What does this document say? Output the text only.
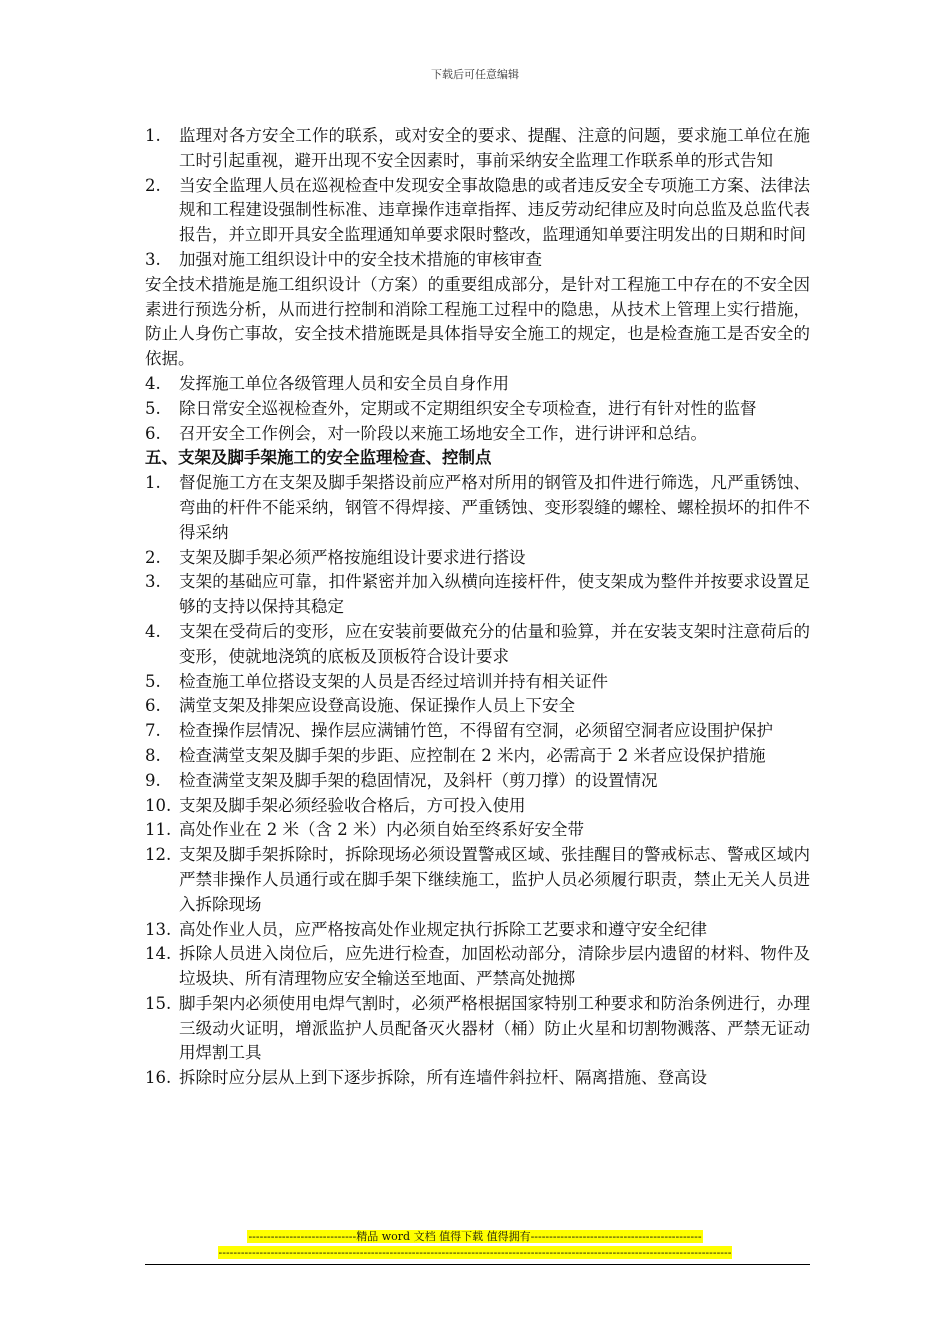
下载后可任意编辑
1.	监理对各方安全工作的联系，或对安全的要求、提醒、注意的问题，要求施工单位在施工时引起重视，避开出现不安全因素时，事前采纳安全监理工作联系单的形式告知
2.	当安全监理人员在巡视检查中发现安全事故隐患的或者违反安全专项施工方案、法律法规和工程建设强制性标准、违章操作违章指挥、违反劳动纪律应及时向总监及总监代表报告，并立即开具安全监理通知单要求限时整改，监理通知单要注明发出的日期和时间
3.	加强对施工组织设计中的安全技术措施的审核审查
安全技术措施是施工组织设计（方案）的重要组成部分，是针对工程施工中存在的不安全因素进行预选分析，从而进行控制和消除工程施工过程中的隐患，从技术上管理上实行措施，防止人身伤亡事故，安全技术措施既是具体指导安全施工的规定，也是检查施工是否安全的依据。
4.	发挥施工单位各级管理人员和安全员自身作用
5.	除日常安全巡视检查外，定期或不定期组织安全专项检查，进行有针对性的监督
6.	召开安全工作例会，对一阶段以来施工场地安全工作，进行讲评和总结。
五、支架及脚手架施工的安全监理检查、控制点
1.	督促施工方在支架及脚手架搭设前应严格对所用的钢管及扣件进行筛选，凡严重锈蚀、弯曲的杆件不能采纳，钢管不得焊接、严重锈蚀、变形裂缝的螺栓、螺栓损坏的扣件不得采纳
2.	支架及脚手架必须严格按施组设计要求进行搭设
3.	支架的基础应可靠，扣件紧密并加入纵横向连接杆件，使支架成为整件并按要求设置足够的支持以保持其稳定
4.	支架在受荷后的变形，应在安装前要做充分的估量和验算，并在安装支架时注意荷后的变形，使就地浇筑的底板及顶板符合设计要求
5.	检查施工单位搭设支架的人员是否经过培训并持有相关证件
6.	满堂支架及排架应设登高设施、保证操作人员上下安全
7.	检查操作层情况、操作层应满铺竹笆，不得留有空洞，必须留空洞者应设围护保护
8.	检查满堂支架及脚手架的步距、应控制在 2 米内，必需高于 2 米者应设保护措施
9.	检查满堂支架及脚手架的稳固情况，及斜杆（剪刀撑）的设置情况
10. 支架及脚手架必须经验收合格后，方可投入使用
11. 高处作业在 2 米（含 2 米）内必须自始至终系好安全带
12. 支架及脚手架拆除时，拆除现场必须设置警戒区域、张挂醒目的警戒标志、警戒区域内严禁非操作人员通行或在脚手架下继续施工，监护人员必须履行职责，禁止无关人员进入拆除现场
13. 高处作业人员，应严格按高处作业规定执行拆除工艺要求和遵守安全纪律
14. 拆除人员进入岗位后，应先进行检查，加固松动部分，清除步层内遗留的材料、物件及垃圾块、所有清理物应安全输送至地面、严禁高处抛掷
15. 脚手架内必须使用电焊气割时，必须严格根据国家特别工种要求和防治条例进行，办理三级动火证明，增派监护人员配备灭火器材（桶）防止火星和切割物溅落、严禁无证动用焊割工具
16. 拆除时应分层从上到下逐步拆除，所有连墙件斜拉杆、隔离措施、登高设
-----------------------------精品 word 文档 值得下载 值得拥有----------------------------------------------
------------------------------------------------------------------------------------------------------------------------------------------
